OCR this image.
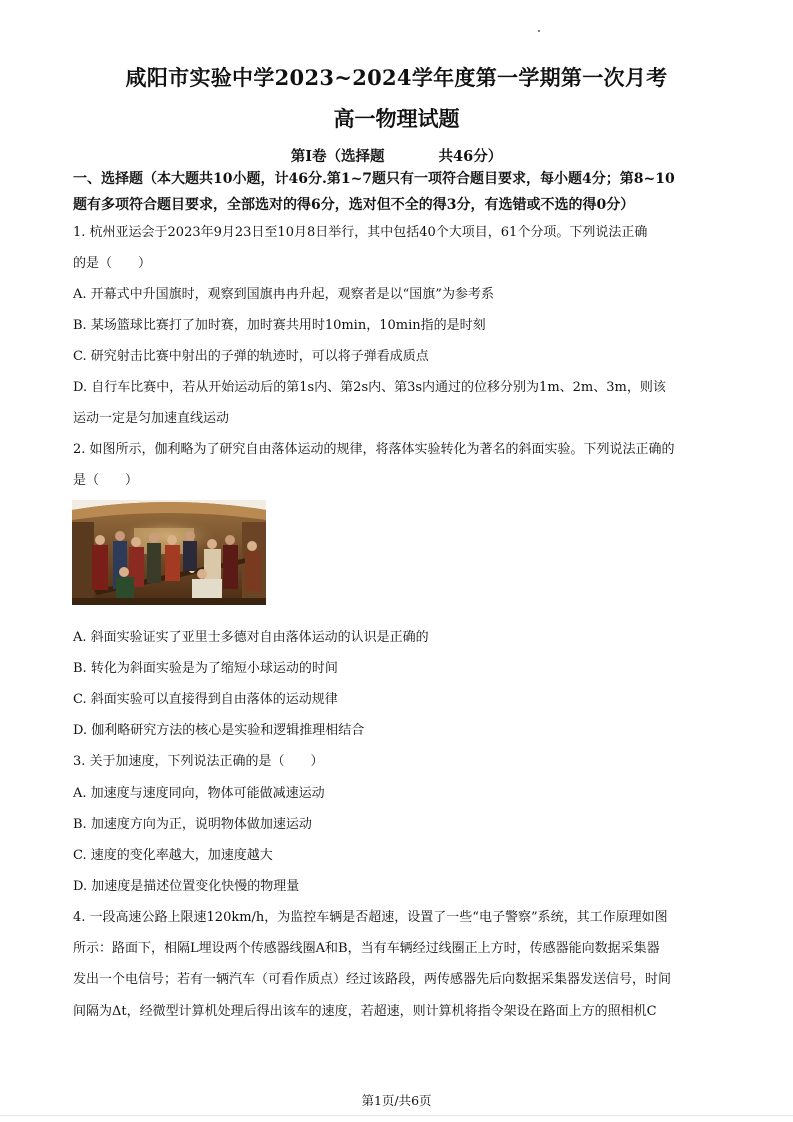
咸阳市实验中学2023~2024学年度第一学期第一次月考
高一物理试题
第Ⅰ卷（选择题	共46分）
一、选择题（本大题共10小题，计46分.第1~7题只有一项符合题目要求，每小题4分；第8~10
题有多项符合题目要求，全部选对的得6分，选对但不全的得3分，有选错或不选的得0分）
1. 杭州亚运会于2023年9月23日至10月8日举行，其中包括40个大项目，61个分项。下列说法正确
的是（　　）
A. 开幕式中升国旗时，观察到国旗冉冉升起，观察者是以“国旗”为参考系
B. 某场篮球比赛打了加时赛，加时赛共用时10min，10min指的是时刻
C. 研究射击比赛中射出的子弹的轨迹时，可以将子弹看成质点
D. 自行车比赛中，若从开始运动后的第1s内、第2s内、第3s内通过的位移分别为1m、2m、3m，则该
运动一定是匀加速直线运动
2. 如图所示，伽利略为了研究自由落体运动的规律，将落体实验转化为著名的斜面实验。下列说法正确的
是（　　）
A. 斜面实验证实了亚里士多德对自由落体运动的认识是正确的
B. 转化为斜面实验是为了缩短小球运动的时间
C. 斜面实验可以直接得到自由落体的运动规律
D. 伽利略研究方法的核心是实验和逻辑推理相结合
3. 关于加速度，下列说法正确的是（　　）
A. 加速度与速度同向，物体可能做减速运动
B. 加速度方向为正，说明物体做加速运动
C. 速度的变化率越大，加速度越大
D. 加速度是描述位置变化快慢的物理量
4. 一段高速公路上限速120km/h，为监控车辆是否超速，设置了一些“电子警察”系统，其工作原理如图
所示：路面下，相隔L埋设两个传感器线圈A和B，当有车辆经过线圈正上方时，传感器能向数据采集器
发出一个电信号；若有一辆汽车（可看作质点）经过该路段，两传感器先后向数据采集器发送信号，时间
间隔为Δt，经微型计算机处理后得出该车的速度，若超速，则计算机将指令架设在路面上方的照相机C
第1页/共6页
